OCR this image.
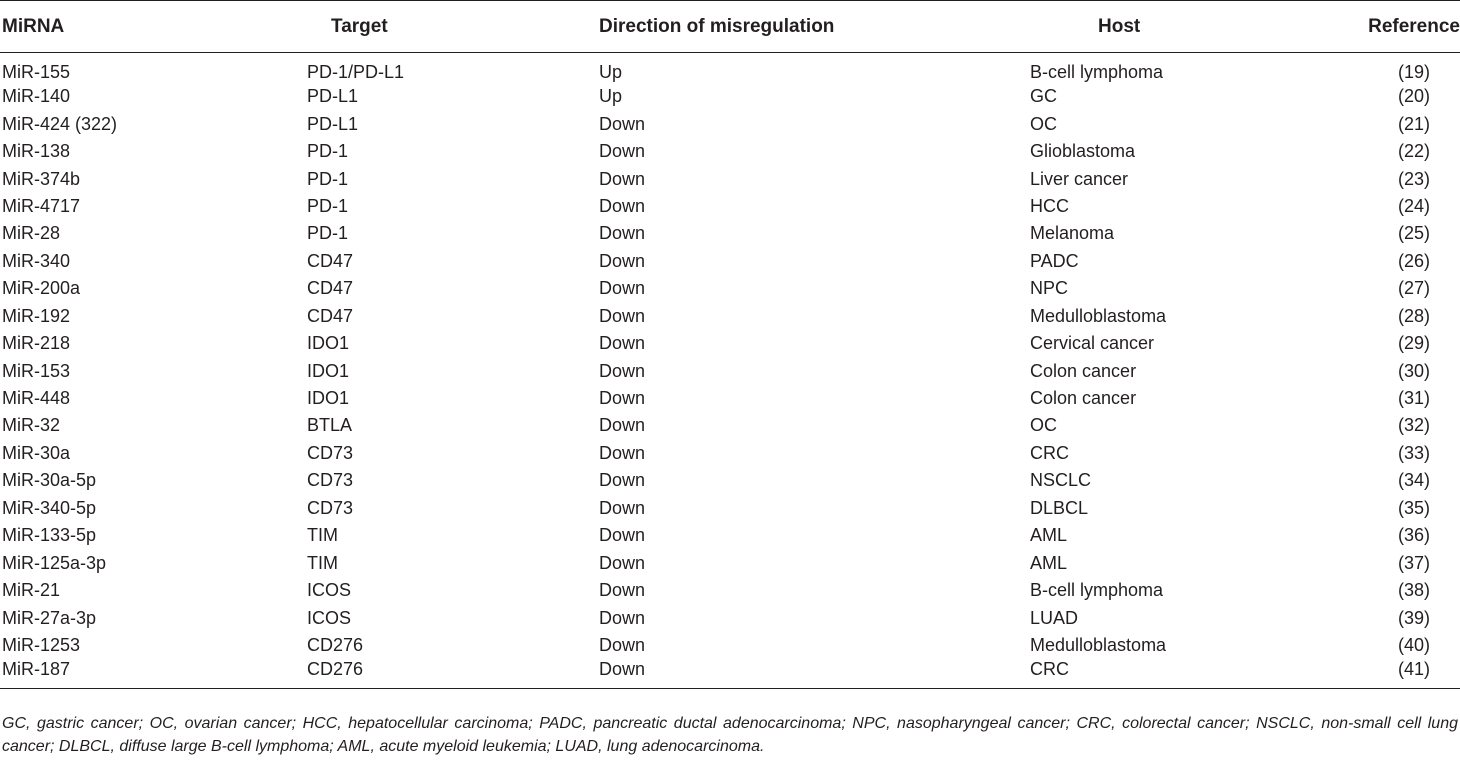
MiRNA	Target	Direction of misregulation	Host	Reference
MiR-155	PD-1/PD-L1	Up	B-cell lymphoma	(19)
MiR-140	PD-L1	Up	GC	(20)
MiR-424 (322)	PD-L1	Down	OC	(21)
MiR-138	PD-1	Down	Glioblastoma	(22)
MiR-374b	PD-1	Down	Liver cancer	(23)
MiR-4717	PD-1	Down	HCC	(24)
MiR-28	PD-1	Down	Melanoma	(25)
MiR-340	CD47	Down	PADC	(26)
MiR-200a	CD47	Down	NPC	(27)
MiR-192	CD47	Down	Medulloblastoma	(28)
MiR-218	IDO1	Down	Cervical cancer	(29)
MiR-153	IDO1	Down	Colon cancer	(30)
MiR-448	IDO1	Down	Colon cancer	(31)
MiR-32	BTLA	Down	OC	(32)
MiR-30a	CD73	Down	CRC	(33)
MiR-30a-5p	CD73	Down	NSCLC	(34)
MiR-340-5p	CD73	Down	DLBCL	(35)
MiR-133-5p	TIM	Down	AML	(36)
MiR-125a-3p	TIM	Down	AML	(37)
MiR-21	ICOS	Down	B-cell lymphoma	(38)
MiR-27a-3p	ICOS	Down	LUAD	(39)
MiR-1253	CD276	Down	Medulloblastoma	(40)
MiR-187	CD276	Down	CRC	(41)
GC, gastric cancer; OC, ovarian cancer; HCC, hepatocellular carcinoma; PADC, pancreatic ductal adenocarcinoma; NPC, nasopharyngeal cancer; CRC, colorectal cancer; NSCLC, non-small cell lung cancer; DLBCL, diffuse large B-cell lymphoma; AML, acute myeloid leukemia; LUAD, lung adenocarcinoma.
